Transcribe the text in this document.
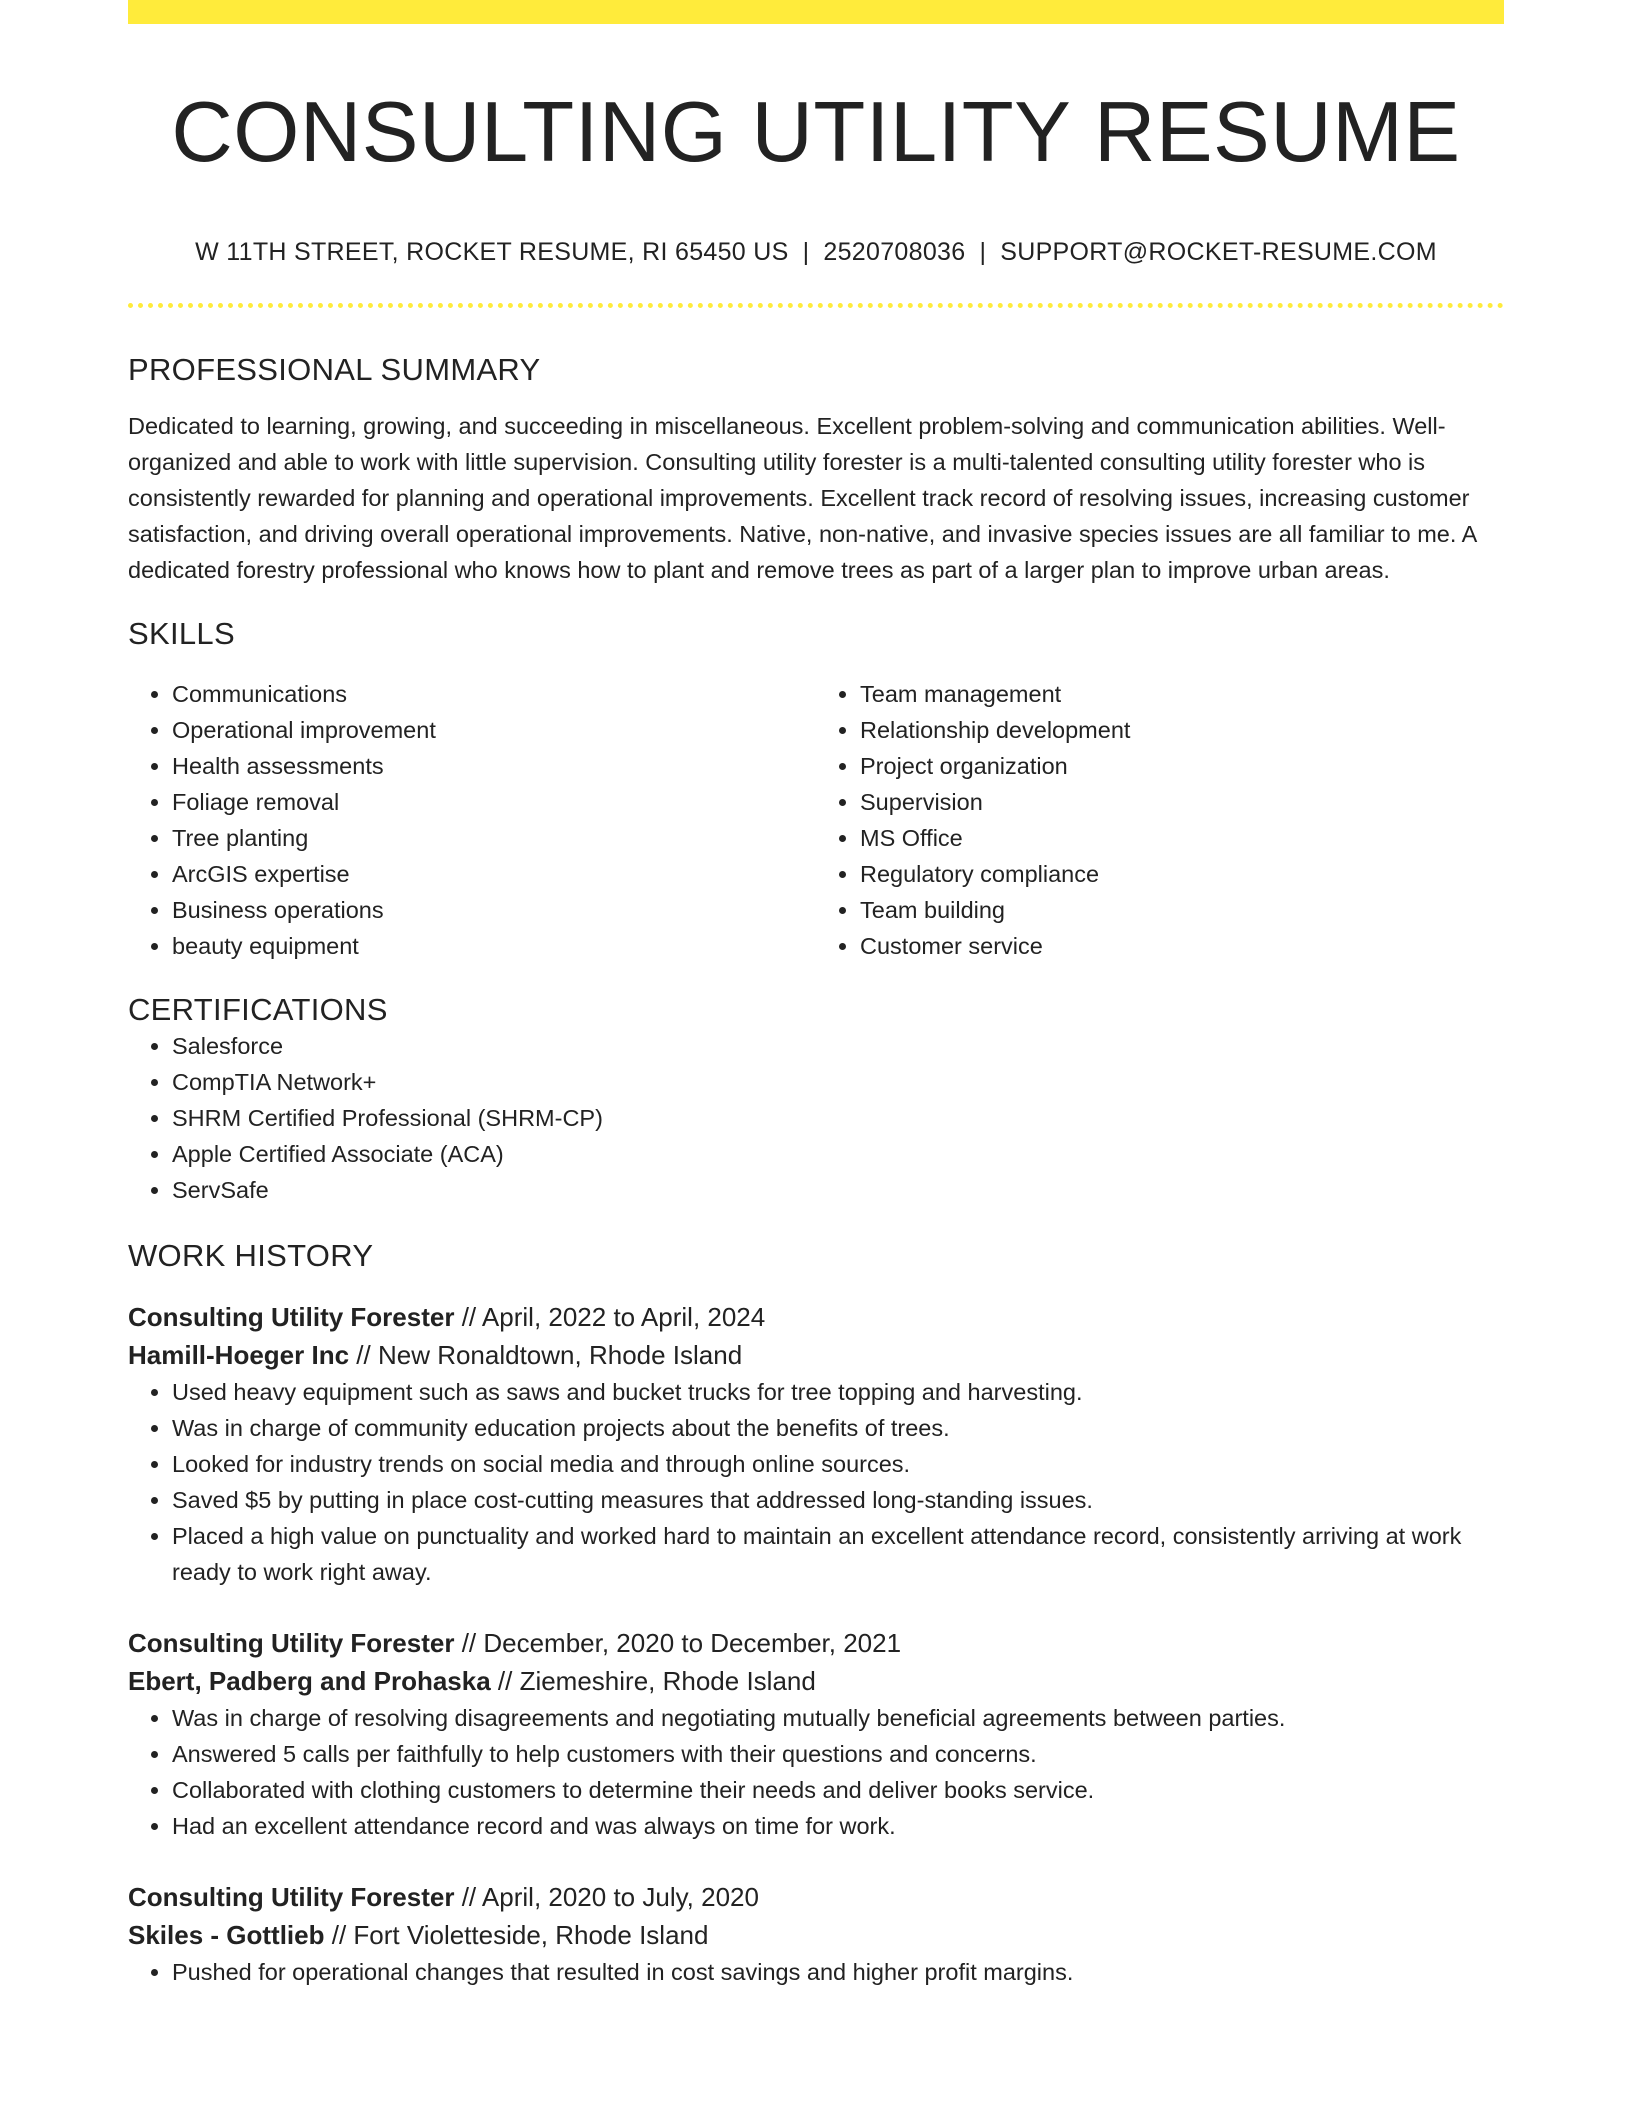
CONSULTING UTILITY RESUME
W 11TH STREET, ROCKET RESUME, RI 65450 US | 2520708036 | SUPPORT@ROCKET-RESUME.COM
PROFESSIONAL SUMMARY
Dedicated to learning, growing, and succeeding in miscellaneous. Excellent problem-solving and communication abilities. Well-organized and able to work with little supervision. Consulting utility forester is a multi-talented consulting utility forester who is consistently rewarded for planning and operational improvements. Excellent track record of resolving issues, increasing customer satisfaction, and driving overall operational improvements. Native, non-native, and invasive species issues are all familiar to me. A dedicated forestry professional who knows how to plant and remove trees as part of a larger plan to improve urban areas.
SKILLS
• Communications
• Operational improvement
• Health assessments
• Foliage removal
• Tree planting
• ArcGIS expertise
• Business operations
• beauty equipment
• Team management
• Relationship development
• Project organization
• Supervision
• MS Office
• Regulatory compliance
• Team building
• Customer service
CERTIFICATIONS
• Salesforce
• CompTIA Network+
• SHRM Certified Professional (SHRM-CP)
• Apple Certified Associate (ACA)
• ServSafe
WORK HISTORY
Consulting Utility Forester // April, 2022 to April, 2024
Hamill-Hoeger Inc // New Ronaldtown, Rhode Island
• Used heavy equipment such as saws and bucket trucks for tree topping and harvesting.
• Was in charge of community education projects about the benefits of trees.
• Looked for industry trends on social media and through online sources.
• Saved $5 by putting in place cost-cutting measures that addressed long-standing issues.
• Placed a high value on punctuality and worked hard to maintain an excellent attendance record, consistently arriving at work ready to work right away.
Consulting Utility Forester // December, 2020 to December, 2021
Ebert, Padberg and Prohaska // Ziemeshire, Rhode Island
• Was in charge of resolving disagreements and negotiating mutually beneficial agreements between parties.
• Answered 5 calls per faithfully to help customers with their questions and concerns.
• Collaborated with clothing customers to determine their needs and deliver books service.
• Had an excellent attendance record and was always on time for work.
Consulting Utility Forester // April, 2020 to July, 2020
Skiles - Gottlieb // Fort Violetteside, Rhode Island
• Pushed for operational changes that resulted in cost savings and higher profit margins.
